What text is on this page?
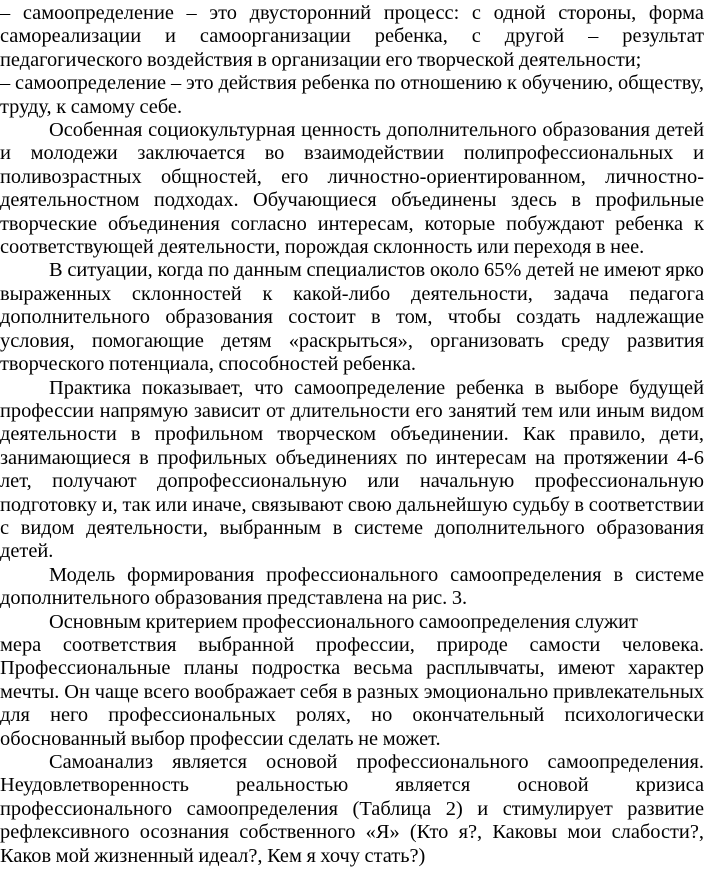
– самоопределение – это двусторонний процесс: с одной стороны, форма самореализации и самоорганизации ребенка, с другой – результат педагогического воздействия в организации его творческой деятельности;

– самоопределение – это действия ребенка по отношению к обучению, обществу, труду, к самому себе.

Особенная социокультурная ценность дополнительного образования детей и молодежи заключается во взаимодействии полипрофессиональных и поливозрастных общностей, его личностно-ориентированном, личностно-деятельностном подходах. Обучающиеся объединены здесь в профильные творческие объединения согласно интересам, которые побуждают ребенка к соответствующей деятельности, порождая склонность или переходя в нее.

В ситуации, когда по данным специалистов около 65% детей не имеют ярко выраженных склонностей к какой-либо деятельности, задача педагога дополнительного образования состоит в том, чтобы создать надлежащие условия, помогающие детям «раскрыться», организовать среду развития творческого потенциала, способностей ребенка.

Практика показывает, что самоопределение ребенка в выборе будущей профессии напрямую зависит от длительности его занятий тем или иным видом деятельности в профильном творческом объединении. Как правило, дети, занимающиеся в профильных объединениях по интересам на протяжении 4-6 лет, получают допрофессиональную или начальную профессиональную подготовку и, так или иначе, связывают свою дальнейшую судьбу в соответствии с видом деятельности, выбранным в системе дополнительного образования детей.

Модель формирования профессионального самоопределения в системе дополнительного образования представлена на рис. 3.

Основным критерием профессионального самоопределения служит

мера соответствия выбранной профессии, природе самости человека. Профессиональные планы подростка весьма расплывчаты, имеют характер мечты. Он чаще всего воображает себя в разных эмоционально привлекательных для него профессиональных ролях, но окончательный психологически обоснованный выбор профессии сделать не может.

Самоанализ является основой профессионального самоопределения. Неудовлетворенность реальностью является основой кризиса профессионального самоопределения (Таблица 2) и стимулирует развитие рефлексивного осознания собственного «Я» (Кто я?, Каковы мои слабости?, Каков мой жизненный идеал?, Кем я хочу стать?)
